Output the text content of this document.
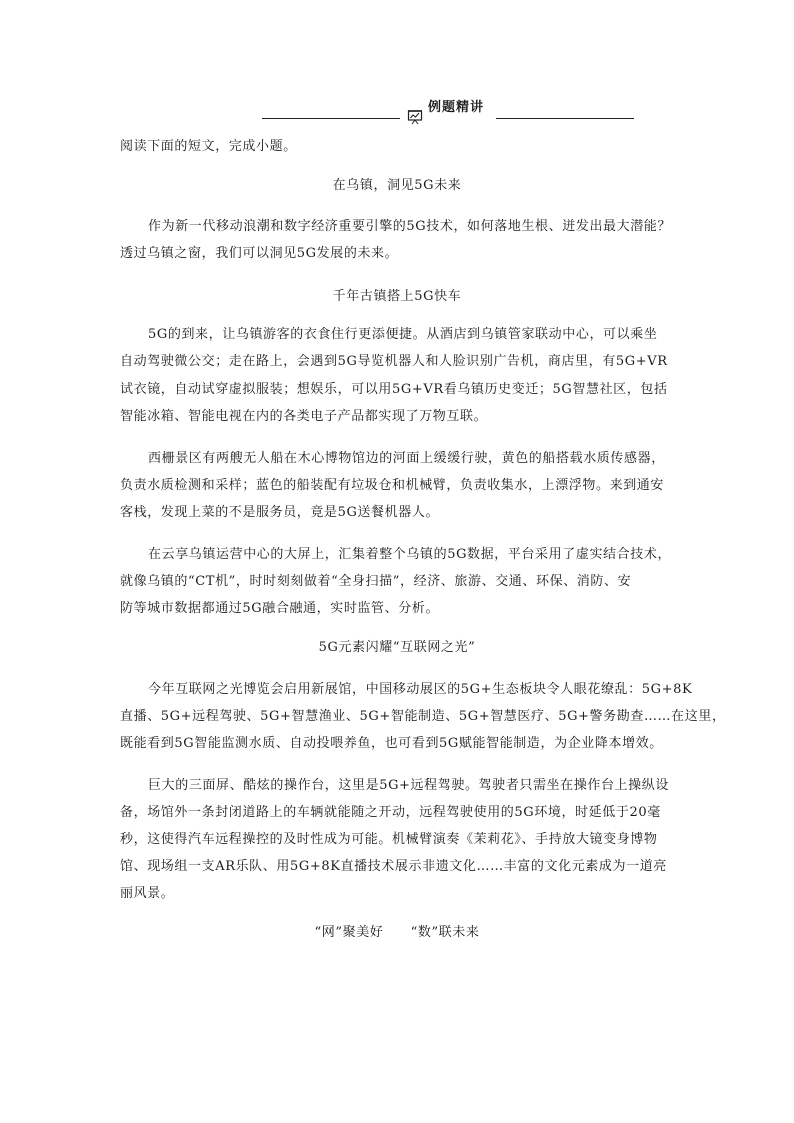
例题精讲
阅读下面的短文，完成小题。
在乌镇，洞见5G未来
作为新一代移动浪潮和数字经济重要引擎的5G技术，如何落地生根、迸发出最大潜能？
透过乌镇之窗，我们可以洞见5G发展的未来。
千年古镇搭上5G快车
5G的到来，让乌镇游客的衣食住行更添便捷。从酒店到乌镇管家联动中心，可以乘坐
自动驾驶微公交；走在路上，会遇到5G导览机器人和人脸识别广告机，商店里，有5G+VR
试衣镜，自动试穿虚拟服装；想娱乐，可以用5G+VR看乌镇历史变迁；5G智慧社区，包括
智能冰箱、智能电视在内的各类电子产品都实现了万物互联。
西栅景区有两艘无人船在木心博物馆边的河面上缓缓行驶，黄色的船搭载水质传感器，
负责水质检测和采样；蓝色的船装配有垃圾仓和机械臂，负责收集水，上漂浮物。来到通安
客栈，发现上菜的不是服务员，竟是5G送餐机器人。
在云享乌镇运营中心的大屏上，汇集着整个乌镇的5G数据，平台采用了虚实结合技术，
就像乌镇的“CT机”，时时刻刻做着“全身扫描”，经济、旅游、交通、环保、消防、安
防等城市数据都通过5G融合融通，实时监管、分析。
5G元素闪耀“互联网之光”
今年互联网之光博览会启用新展馆，中国移动展区的5G+生态板块令人眼花缭乱：5G+8K
直播、5G+远程驾驶、5G+智慧渔业、5G+智能制造、5G+智慧医疗、5G+警务勘查……在这里，
既能看到5G智能监测水质、自动投喂养鱼，也可看到5G赋能智能制造，为企业降本增效。
巨大的三面屏、酷炫的操作台，这里是5G+远程驾驶。驾驶者只需坐在操作台上操纵设
备，场馆外一条封闭道路上的车辆就能随之开动，远程驾驶使用的5G环境，时延低于20毫
秒，这使得汽车远程操控的及时性成为可能。机械臂演奏《茉莉花》、手持放大镜变身博物
馆、现场组一支AR乐队、用5G+8K直播技术展示非遗文化……丰富的文化元素成为一道亮
丽风景。
“网”聚美好　　“数”联未来
